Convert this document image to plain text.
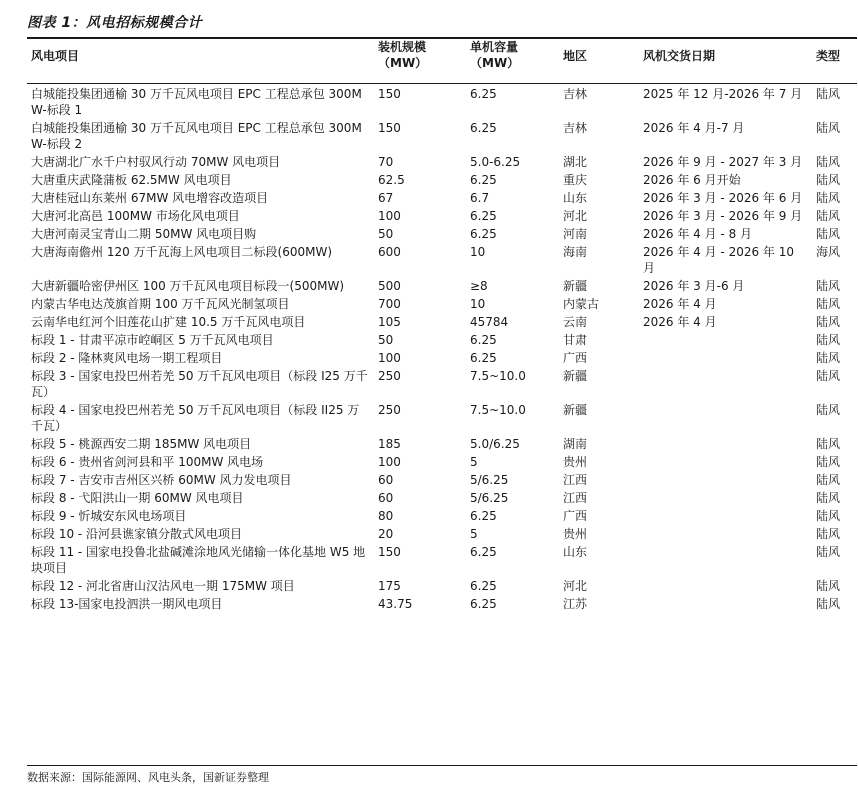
图表 1：风电招标规模合计
风电项目	装机规模（MW）	单机容量（MW）	地区	风机交货日期	类型
白城能投集团通榆 30 万千瓦风电项目 EPC 工程总承包 300MW-标段 1	150	6.25	吉林	2025 年 12 月-2026 年 7 月	陆风
白城能投集团通榆 30 万千瓦风电项目 EPC 工程总承包 300MW-标段 2	150	6.25	吉林	2026 年 4 月-7 月	陆风
大唐湖北广水千户村驭风行动 70MW 风电项目	70	5.0-6.25	湖北	2026 年 9 月 - 2027 年 3 月	陆风
大唐重庆武隆蒲板 62.5MW 风电项目	62.5	6.25	重庆	2026 年 6 月开始	陆风
大唐桂冠山东莱州 67MW 风电增容改造项目	67	6.7	山东	2026 年 3 月 - 2026 年 6 月	陆风
大唐河北高邑 100MW 市场化风电项目	100	6.25	河北	2026 年 3 月 - 2026 年 9 月	陆风
大唐河南灵宝青山二期 50MW 风电项目购	50	6.25	河南	2026 年 4 月 - 8 月	陆风
大唐海南儋州 120 万千瓦海上风电项目二标段(600MW)	600	10	海南	2026 年 4 月 - 2026 年 10 月	海风
大唐新疆哈密伊州区 100 万千瓦风电项目标段一(500MW)	500	≥8	新疆	2026 年 3 月-6 月	陆风
内蒙古华电达茂旗首期 100 万千瓦风光制氢项目	700	10	内蒙古	2026 年 4 月	陆风
云南华电红河个旧莲花山扩建 10.5 万千瓦风电项目	105	45784	云南	2026 年 4 月	陆风
标段 1 - 甘肃平凉市崆峒区 5 万千瓦风电项目	50	6.25	甘肃		陆风
标段 2 - 隆林爽风电场一期工程项目	100	6.25	广西		陆风
标段 3 - 国家电投巴州若羌 50 万千瓦风电项目（标段 I25 万千瓦）	250	7.5~10.0	新疆		陆风
标段 4 - 国家电投巴州若羌 50 万千瓦风电项目（标段 II25 万千瓦）	250	7.5~10.0	新疆		陆风
标段 5 - 桃源西安二期 185MW 风电项目	185	5.0/6.25	湖南		陆风
标段 6 - 贵州省剑河县和平 100MW 风电场	100	5	贵州		陆风
标段 7 - 吉安市吉州区兴桥 60MW 风力发电项目	60	5/6.25	江西		陆风
标段 8 - 弋阳洪山一期 60MW 风电项目	60	5/6.25	江西		陆风
标段 9 - 忻城安东风电场项目	80	6.25	广西		陆风
标段 10 - 沿河县谯家镇分散式风电项目	20	5	贵州		陆风
标段 11 - 国家电投鲁北盐碱滩涂地风光储输一体化基地 W5 地块项目	150	6.25	山东		陆风
标段 12 - 河北省唐山汉沽风电一期 175MW 项目	175	6.25	河北		陆风
标段 13-国家电投泗洪一期风电项目	43.75	6.25	江苏		陆风
数据来源：国际能源网、风电头条，国新证券整理
